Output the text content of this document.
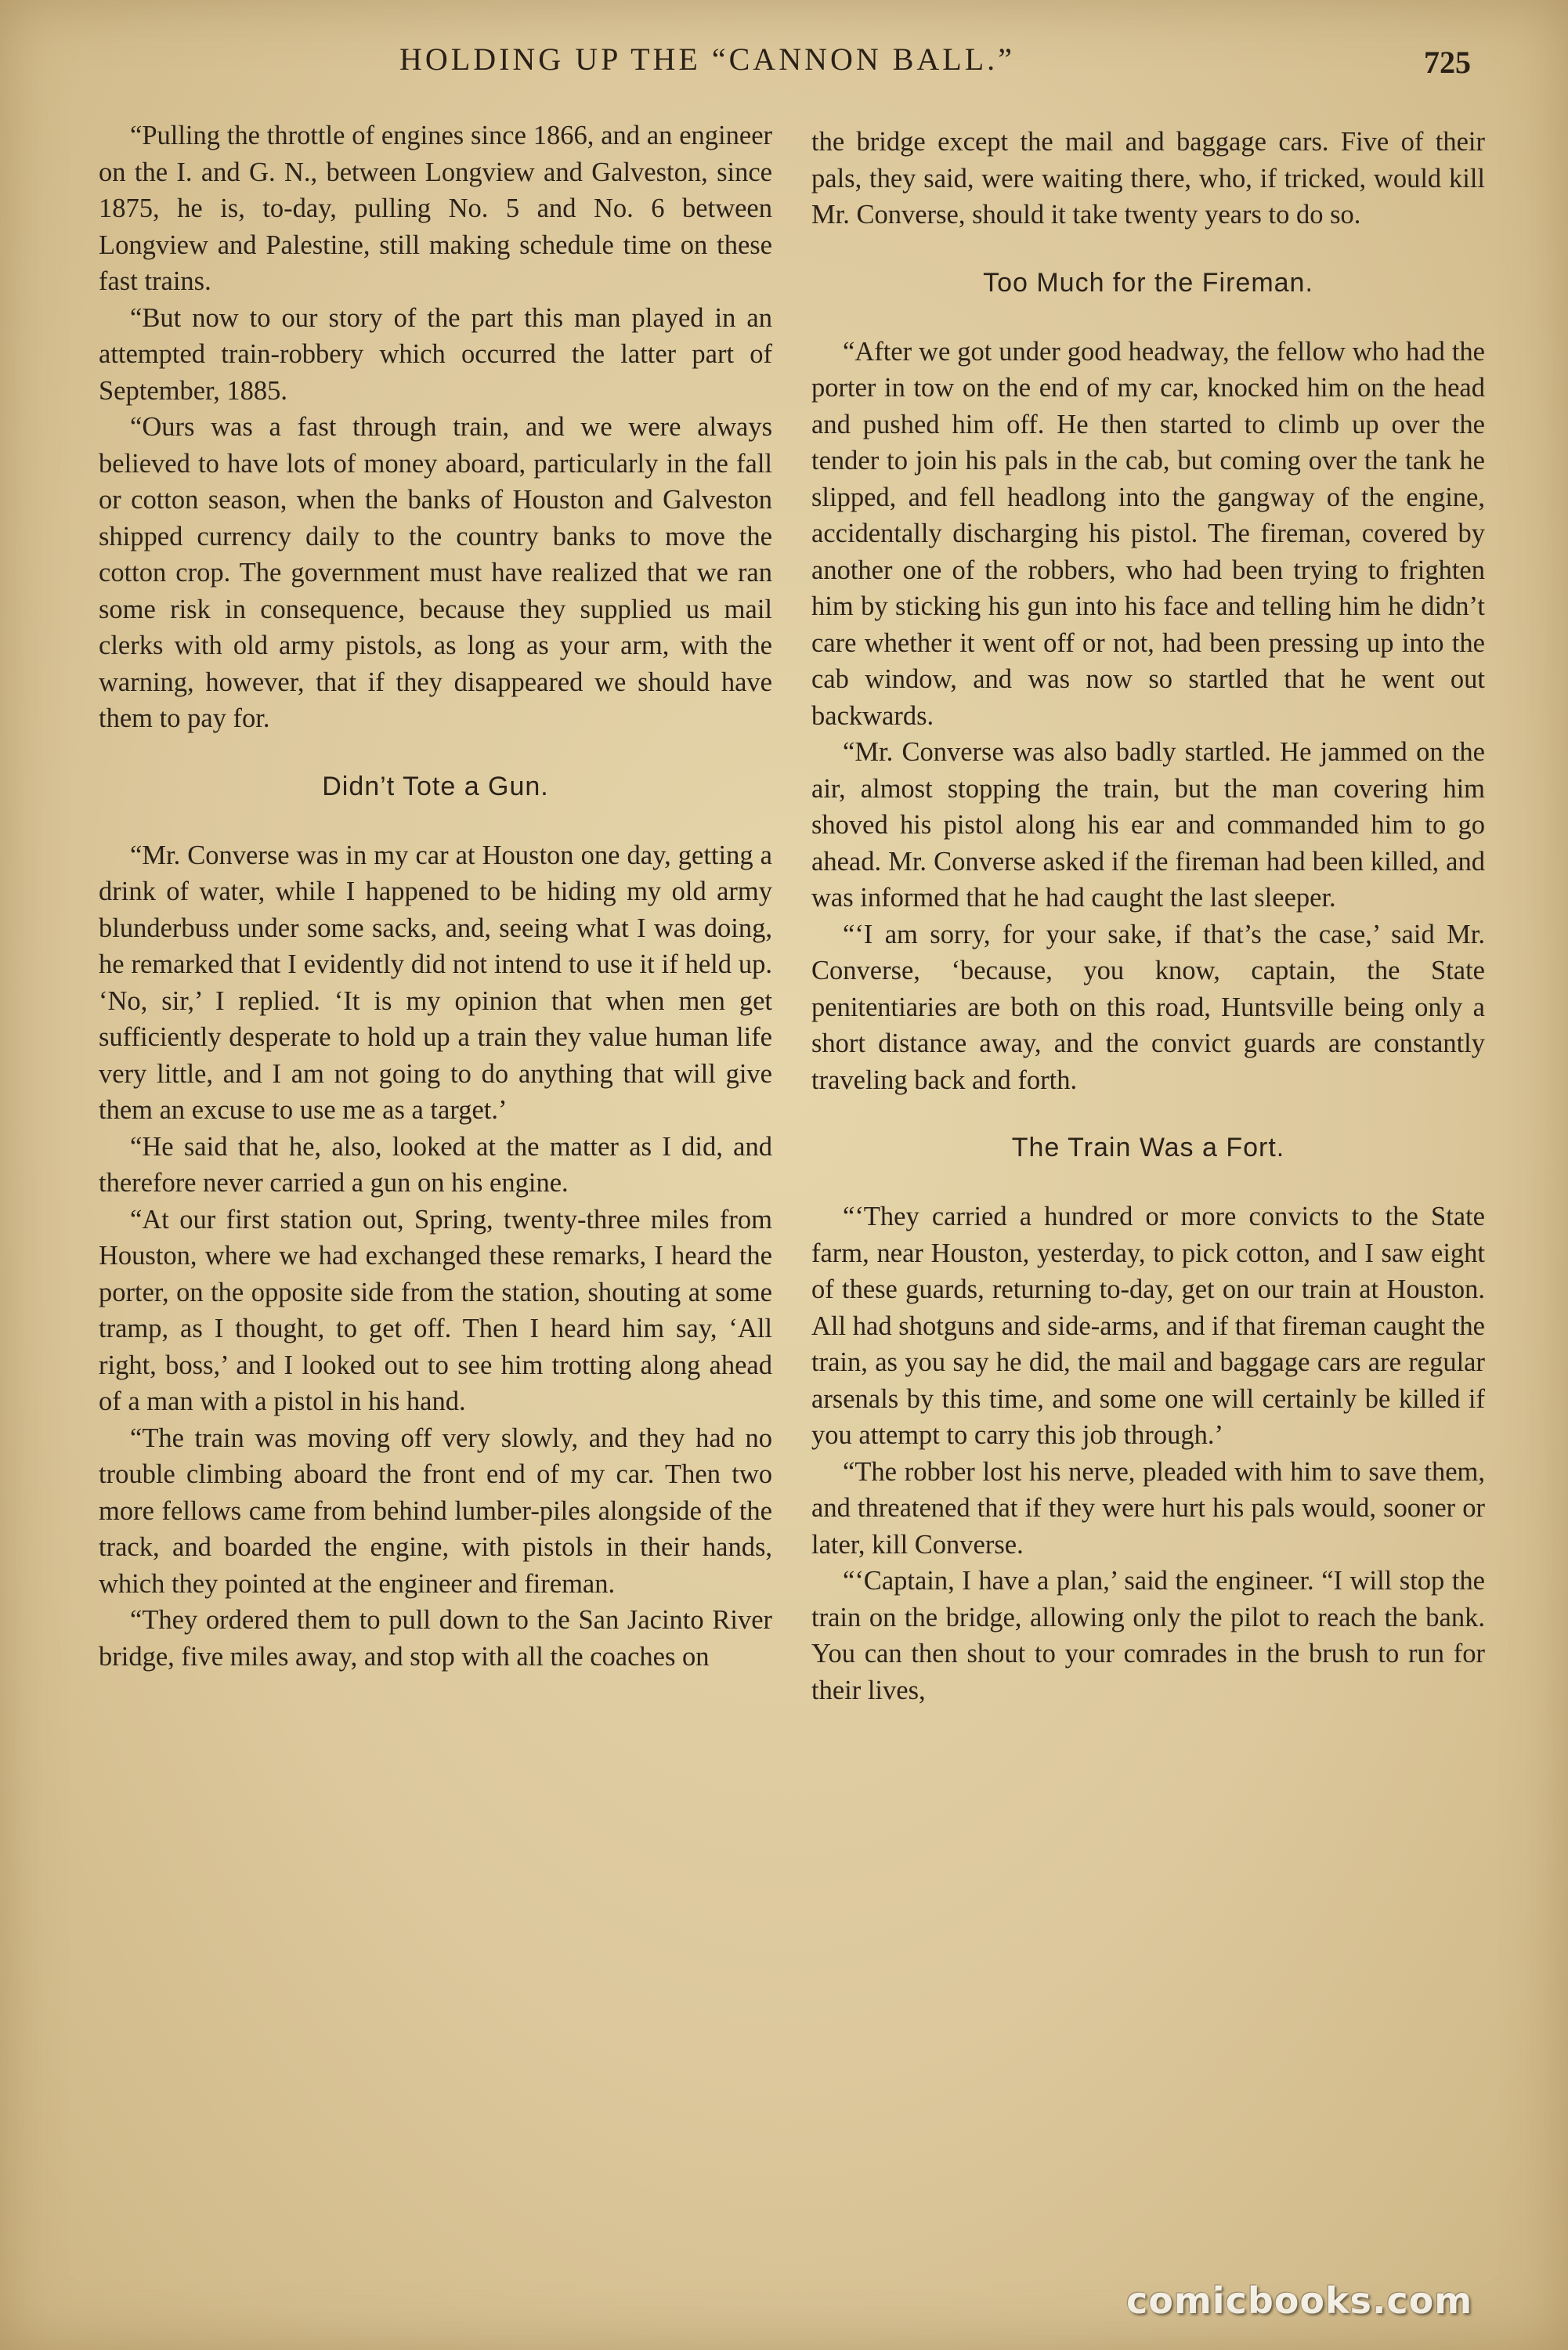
HOLDING UP THE “CANNON BALL.”	725

“Pulling the throttle of engines since 1866, and an engineer on the I. and G. N., between Longview and Galveston, since 1875, he is, to-day, pulling No. 5 and No. 6 between Longview and Palestine, still making schedule time on these fast trains.

“But now to our story of the part this man played in an attempted train-robbery which occurred the latter part of September, 1885.

“Ours was a fast through train, and we were always believed to have lots of money aboard, particularly in the fall or cotton season, when the banks of Houston and Galveston shipped currency daily to the country banks to move the cotton crop. The government must have realized that we ran some risk in consequence, because they supplied us mail clerks with old army pistols, as long as your arm, with the warning, however, that if they disappeared we should have them to pay for.

Didn’t Tote a Gun.

“Mr. Converse was in my car at Houston one day, getting a drink of water, while I happened to be hiding my old army blunderbuss under some sacks, and, seeing what I was doing, he remarked that I evidently did not intend to use it if held up. ‘No, sir,’ I replied. ‘It is my opinion that when men get sufficiently desperate to hold up a train they value human life very little, and I am not going to do anything that will give them an excuse to use me as a target.’

“He said that he, also, looked at the matter as I did, and therefore never carried a gun on his engine.

“At our first station out, Spring, twenty-three miles from Houston, where we had exchanged these remarks, I heard the porter, on the opposite side from the station, shouting at some tramp, as I thought, to get off. Then I heard him say, ‘All right, boss,’ and I looked out to see him trotting along ahead of a man with a pistol in his hand.

“The train was moving off very slowly, and they had no trouble climbing aboard the front end of my car. Then two more fellows came from behind lumber-piles alongside of the track, and boarded the engine, with pistols in their hands, which they pointed at the engineer and fireman.

“They ordered them to pull down to the San Jacinto River bridge, five miles away, and stop with all the coaches on

the bridge except the mail and baggage cars. Five of their pals, they said, were waiting there, who, if tricked, would kill Mr. Converse, should it take twenty years to do so.

Too Much for the Fireman.

“After we got under good headway, the fellow who had the porter in tow on the end of my car, knocked him on the head and pushed him off. He then started to climb up over the tender to join his pals in the cab, but coming over the tank he slipped, and fell headlong into the gangway of the engine, accidentally discharging his pistol. The fireman, covered by another one of the robbers, who had been trying to frighten him by sticking his gun into his face and telling him he didn’t care whether it went off or not, had been pressing up into the cab window, and was now so startled that he went out backwards.

“Mr. Converse was also badly startled. He jammed on the air, almost stopping the train, but the man covering him shoved his pistol along his ear and commanded him to go ahead. Mr. Converse asked if the fireman had been killed, and was informed that he had caught the last sleeper.

“‘I am sorry, for your sake, if that’s the case,’ said Mr. Converse, ‘because, you know, captain, the State penitentiaries are both on this road, Huntsville being only a short distance away, and the convict guards are constantly traveling back and forth.

The Train Was a Fort.

“‘They carried a hundred or more convicts to the State farm, near Houston, yesterday, to pick cotton, and I saw eight of these guards, returning to-day, get on our train at Houston. All had shotguns and side-arms, and if that fireman caught the train, as you say he did, the mail and baggage cars are regular arsenals by this time, and some one will certainly be killed if you attempt to carry this job through.’

“The robber lost his nerve, pleaded with him to save them, and threatened that if they were hurt his pals would, sooner or later, kill Converse.

“‘Captain, I have a plan,’ said the engineer. “I will stop the train on the bridge, allowing only the pilot to reach the bank. You can then shout to your comrades in the brush to run for their lives,

comicbooks.com
